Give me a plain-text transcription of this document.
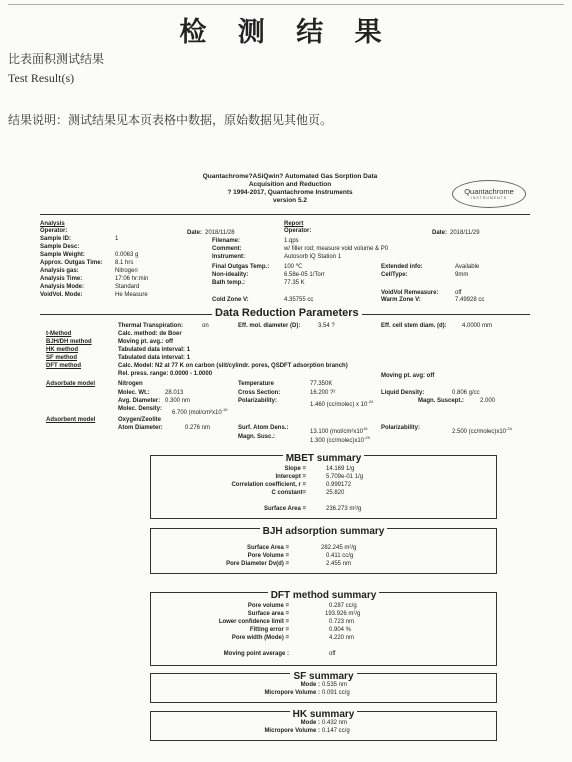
检 测 结 果
比表面积测试结果
Test Result(s)
结果说明：测试结果见本页表格中数据，原始数据见其他页。
Quantachrome?ASiQwin? Automated Gas Sorption Data
Acquisition and Reduction
? 1994-2017, Quantachrome Instruments
version 5.2
Quantachrome
INSTRUMENTS
Analysis
Operator:	Date: 2018/11/28
Sample ID:	1
Sample Desc:
Sample Weight:	0.0063 g
Approx. Outgas Time: 8.1 hrs
Analysis gas:	Nitrogen
Analysis Time:	17:06 hr:min
Analysis Mode:	Standard
VoidVol. Mode:	He Measure
Report
Operator:	Date: 2018/11/29
Filename:	1.qps
Comment:	w/ filler rod; measure void volume & P0
Instrument:	Autosorb iQ Station 1
Final Outgas Temp.: 100 ℃
Non-ideality:	6.58e-05 1/Torr
Bath temp.:	77.35 K
Cold Zone V:	4.35755 cc
Extended info:	Available
CellType:	9mm
VoidVol Remeasure:	off
Warm Zone V:	7.49928 cc
Data Reduction Parameters
Thermal Transpiration:	on	Eff. mol. diameter (D):	3.54 ?	Eff. cell stem diam. (d):	4.0000 mm
t-Method	Calc. method: de Boer
BJH/DH method	Moving pt. avg.: off
HK method	Tabulated data interval: 1
SF method	Tabulated data interval: 1
DFT method	Calc. Model: N2 at 77 K on carbon (slit/cylindr. pores, QSDFT adsorption branch)
Rel. press. range: 0.0000 - 1.0000	Moving pt. avg: off
Adsorbate model	Nitrogen	Temperature	77.350K
Molec. Wt.:	28.013	Cross Section:	16.200 ?²	Liquid Density:	0.806 g/cc
Avg. Diameter: 0.300 nm	Polarizability:
1.460 (cc/molec) x $10^{-24}$	Magn. Suscept.:	2.000
Molec. Density:
6.700 ($mol/cm^2x10^{-15}$
Adsorbent model	Oxygen/Zeolite
Atom Diameter:	0.276 nm	Surf. Atom Dens.:
13.100 ($mol/cm^2x10^{15}$ Polarizability:
2.500 $(cc/molec)x10^{-24}$
Magn. Susc.:
1.300 $(cc/molec)x10^{-29}$
MBET summary
Slope =	14.169 1/g
Intercept =	5.709e-01 1/g
Correlation coefficient, r =	0.999172
C constant=	25.820
Surface Area =	236.273 m²/g
BJH adsorption summary
Surface Area =	282.245 m²/g
Pore Volume =	0.411 cc/g
Pore Diameter Dv(d) =	2.455 nm
DFT method summary
Pore volume =	0.287 cc/g
Surface area =	193.926 m²/g
Lower confidence limit =	0.723 nm
Fitting error =	0.904 %
Pore width (Mode) =	4.220 nm
Moving point average :	off
SF summary
Mode : 0.535 nm
Micropore Volume : 0.091 cc/g
HK summary
Mode : 0.432 nm
Micropore Volume : 0.147 cc/g
